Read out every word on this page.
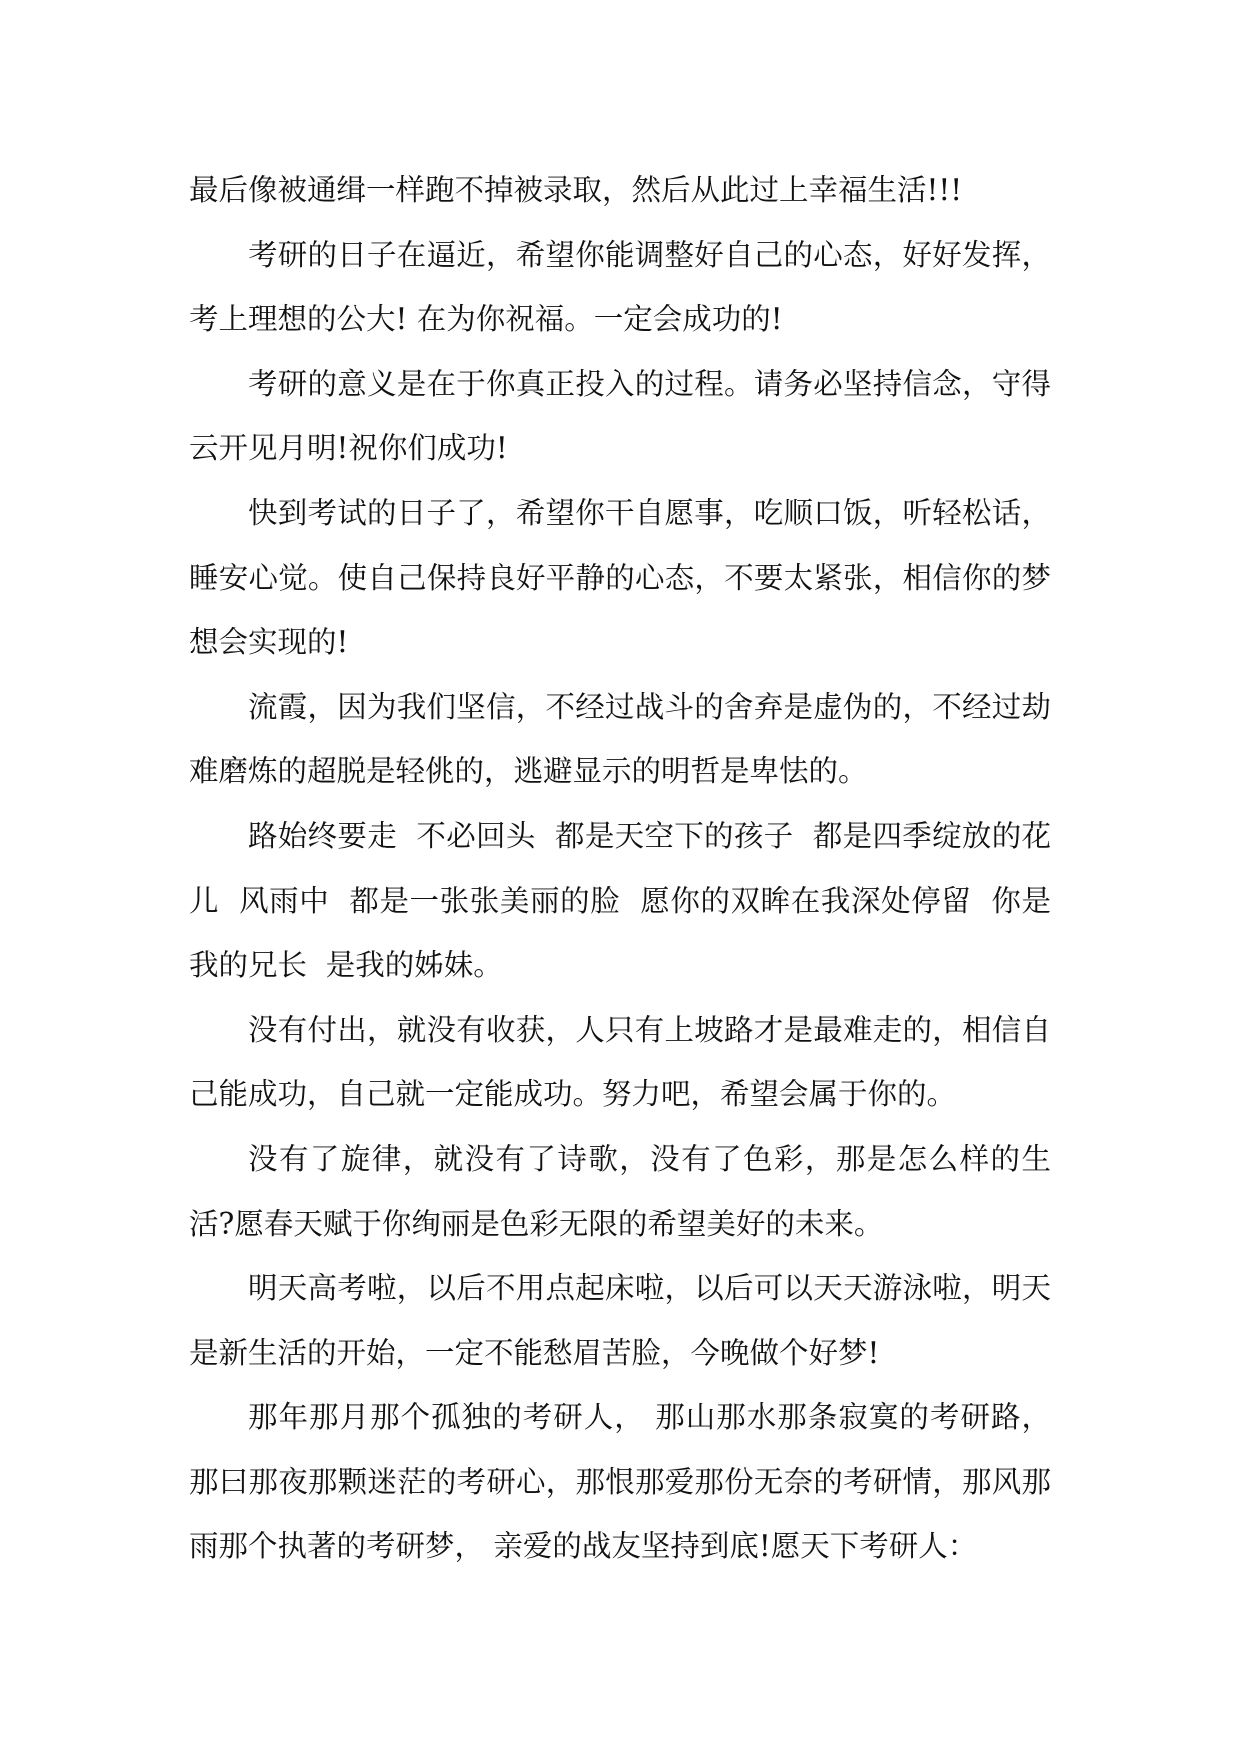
最后像被通缉一样跑不掉被录取，然后从此过上幸福生活!!!

考研的日子在逼近，希望你能调整好自己的心态，好好发挥，考上理想的公大! 在为你祝福。一定会成功的!

考研的意义是在于你真正投入的过程。请务必坚持信念，守得云开见月明!祝你们成功!

快到考试的日子了，希望你干自愿事，吃顺口饭，听轻松话，睡安心觉。使自己保持良好平静的心态，不要太紧张，相信你的梦想会实现的!

流霞，因为我们坚信，不经过战斗的舍弃是虚伪的，不经过劫难磨炼的超脱是轻佻的，逃避显示的明哲是卑怯的。

路始终要走  不必回头  都是天空下的孩子  都是四季绽放的花儿  风雨中  都是一张张美丽的脸  愿你的双眸在我深处停留  你是我的兄长  是我的姊妹。

没有付出，就没有收获，人只有上坡路才是最难走的，相信自己能成功，自己就一定能成功。努力吧，希望会属于你的。

没有了旋律，就没有了诗歌，没有了色彩，那是怎么样的生活?愿春天赋于你绚丽是色彩无限的希望美好的未来。

明天高考啦，以后不用点起床啦，以后可以天天游泳啦，明天是新生活的开始，一定不能愁眉苦脸，今晚做个好梦!

那年那月那个孤独的考研人， 那山那水那条寂寞的考研路，那曰那夜那颗迷茫的考研心，那恨那爱那份无奈的考研情，那风那雨那个执著的考研梦， 亲爱的战友坚持到底!愿天下考研人：
